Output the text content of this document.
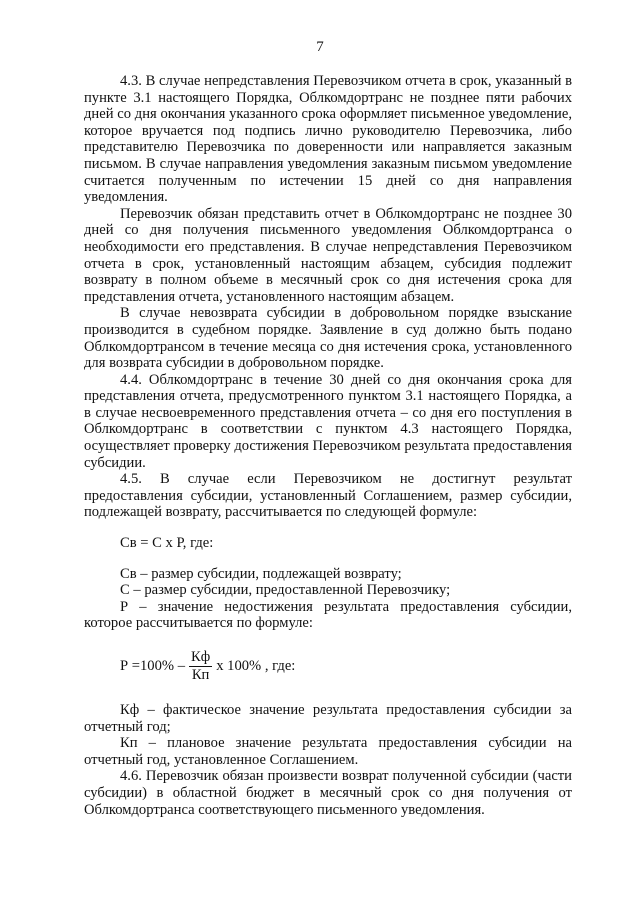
7

4.3. В случае непредставления Перевозчиком отчета в срок, указанный в пункте 3.1 настоящего Порядка, Облкомдортранс не позднее пяти рабочих дней со дня окончания указанного срока оформляет письменное уведомление, которое вручается под подпись лично руководителю Перевозчика, либо представителю Перевозчика по доверенности или направляется заказным письмом. В случае направления уведомления заказным письмом уведомление считается полученным по истечении 15 дней со дня направления уведомления.

Перевозчик обязан представить отчет в Облкомдортранс не позднее 30 дней со дня получения письменного уведомления Облкомдортранса о необходимости его представления. В случае непредставления Перевозчиком отчета в срок, установленный настоящим абзацем, субсидия подлежит возврату в полном объеме в месячный срок со дня истечения срока для представления отчета, установленного настоящим абзацем.

В случае невозврата субсидии в добровольном порядке взыскание производится в судебном порядке. Заявление в суд должно быть подано Облкомдортрансом в течение месяца со дня истечения срока, установленного для возврата субсидии в добровольном порядке.

4.4. Облкомдортранс в течение 30 дней со дня окончания срока для представления отчета, предусмотренного пунктом 3.1 настоящего Порядка, а в случае несвоевременного представления отчета – со дня его поступления в Облкомдортранс в соответствии с пунктом 4.3 настоящего Порядка, осуществляет проверку достижения Перевозчиком результата предоставления субсидии.

4.5. В случае если Перевозчиком не достигнут результат предоставления субсидии, установленный Соглашением, размер субсидии, подлежащей возврату, рассчитывается по следующей формуле:

Св = С х Р, где:

Св – размер субсидии, подлежащей возврату;

С – размер субсидии, предоставленной Перевозчику;

Р – значение недостижения результата предоставления субсидии, которое рассчитывается по формуле:

$Р =100\% - \frac{Кф}{Кп}$ х 100% , где:

Кф – фактическое значение результата предоставления субсидии за отчетный год;

Кп – плановое значение результата предоставления субсидии на отчетный год, установленное Соглашением.

4.6. Перевозчик обязан произвести возврат полученной субсидии (части субсидии) в областной бюджет в месячный срок со дня получения от Облкомдортранса соответствующего письменного уведомления.
